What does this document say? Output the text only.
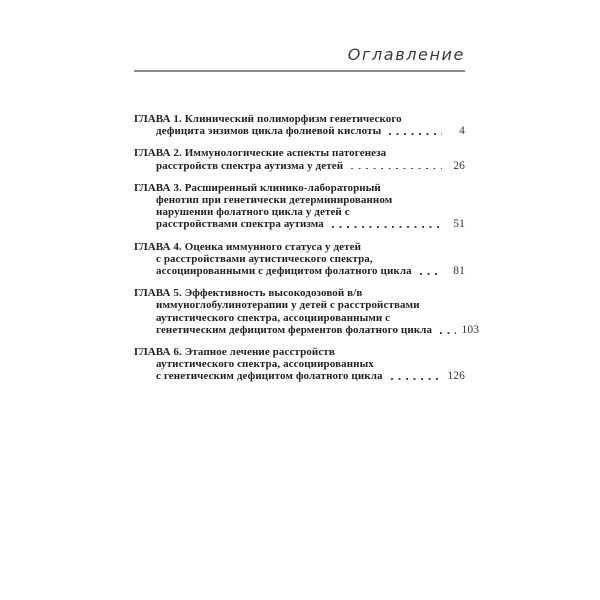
Оглавление
ГЛАВА 1. Клинический полиморфизм генетического
дефицита энзимов цикла фолиевой кислоты	4
ГЛАВА 2. Иммунологические аспекты патогенеза
расстройств спектра аутизма у детей	26
ГЛАВА 3. Расширенный клинико-лабораторный
фенотип при генетически детерминированном
нарушении фолатного цикла у детей с
расстройствами спектра аутизма	51
ГЛАВА 4. Оценка иммунного статуса у детей
с расстройствами аутистического спектра,
ассоциированными с дефицитом фолатного цикла	81
ГЛАВА 5. Эффективность высокодозовой в/в
иммуноглобулинотерапии у детей с расстройствами
аутистического спектра, ассоциированными с
генетическим дефицитом ферментов фолатного цикла	103
ГЛАВА 6. Этапное лечение расстройств
аутистического спектра, ассоциированных
с генетическим дефицитом фолатного цикла	126
